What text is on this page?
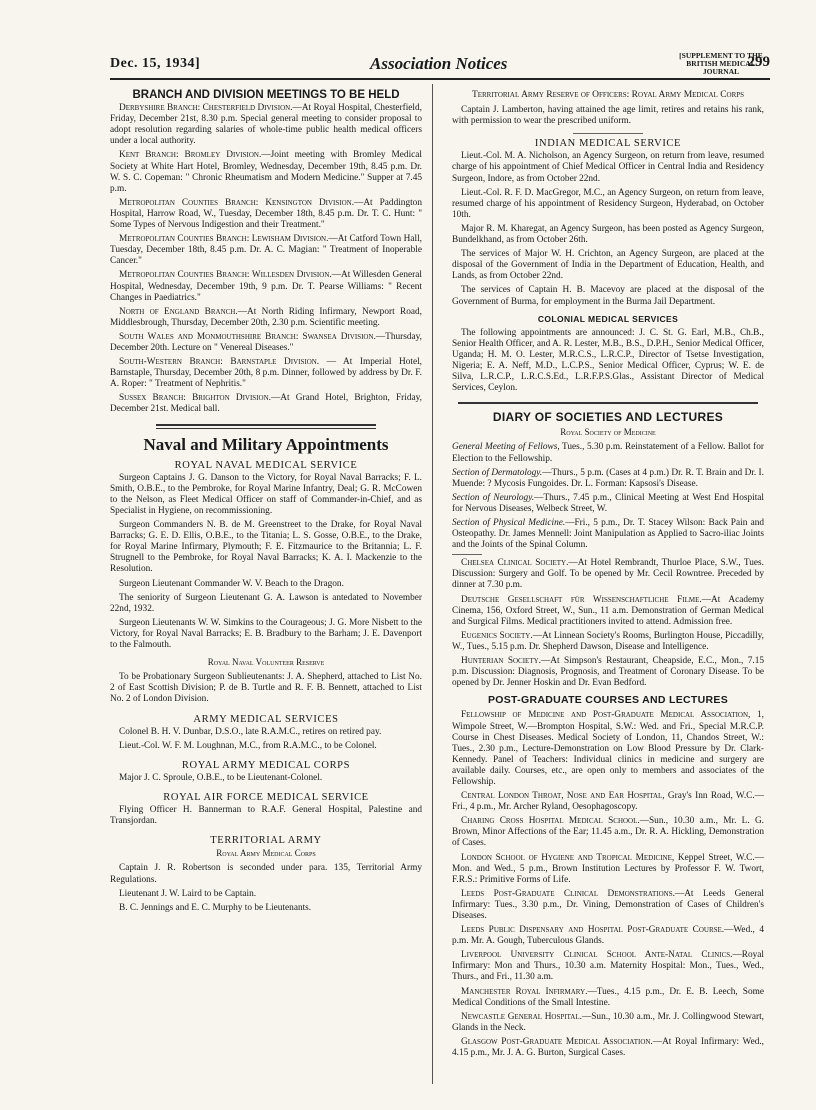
Dec. 15, 1934]	Association Notices	[SUPPLEMENT TO THE
BRITISH MEDICAL JOURNAL
299
BRANCH AND DIVISION MEETINGS TO BE HELD

Derbyshire Branch: Chesterfield Division.—At Royal Hospital, Chesterfield, Friday, December 21st, 8.30 p.m. Special general meeting to consider proposal to adopt resolution regarding salaries of whole-time public health medical officers under a local authority.

Kent Branch: Bromley Division.—Joint meeting with Bromley Medical Society at White Hart Hotel, Bromley, Wednesday, December 19th, 8.45 p.m. Dr. W. S. C. Copeman: " Chronic Rheumatism and Modern Medicine." Supper at 7.45 p.m.

Metropolitan Counties Branch: Kensington Division.—At Paddington Hospital, Harrow Road, W., Tuesday, December 18th, 8.45 p.m. Dr. T. C. Hunt: " Some Types of Nervous Indigestion and their Treatment."

Metropolitan Counties Branch: Lewisham Division.—At Catford Town Hall, Tuesday, December 18th, 8.45 p.m. Dr. A. C. Magian: " Treatment of Inoperable Cancer."

Metropolitan Counties Branch: Willesden Division.—At Willesden General Hospital, Wednesday, December 19th, 9 p.m. Dr. T. Pearse Williams: " Recent Changes in Paediatrics."

North of England Branch.—At North Riding Infirmary, Newport Road, Middlesbrough, Thursday, December 20th, 2.30 p.m. Scientific meeting.

South Wales and Monmouthshire Branch: Swansea Division.—Thursday, December 20th. Lecture on " Venereal Diseases."

South-Western Branch: Barnstaple Division. — At Imperial Hotel, Barnstaple, Thursday, December 20th, 8 p.m. Dinner, followed by address by Dr. F. A. Roper: " Treatment of Nephritis."

Sussex Branch: Brighton Division.—At Grand Hotel, Brighton, Friday, December 21st. Medical ball.

Naval and Military Appointments
ROYAL NAVAL MEDICAL SERVICE

Surgeon Captains J. G. Danson to the Victory, for Royal Naval Barracks; F. L. Smith, O.B.E., to the Pembroke, for Royal Marine Infantry, Deal; G. R. McCowen to the Nelson, as Fleet Medical Officer on staff of Commander-in-Chief, and as Specialist in Hygiene, on recommissioning.

Surgeon Commanders N. B. de M. Greenstreet to the Drake, for Royal Naval Barracks; G. E. D. Ellis, O.B.E., to the Titania; L. S. Gosse, O.B.E., to the Drake, for Royal Marine Infirmary, Plymouth; F. E. Fitzmaurice to the Britannia; L. F. Strugnell to the Pembroke, for Royal Naval Barracks; K. A. I. Mackenzie to the Resolution.

Surgeon Lieutenant Commander W. V. Beach to the Dragon.

The seniority of Surgeon Lieutenant G. A. Lawson is antedated to November 22nd, 1932.

Surgeon Lieutenants W. W. Simkins to the Courageous; J. G. More Nisbett to the Victory, for Royal Naval Barracks; E. B. Bradbury to the Barham; J. E. Davenport to the Falmouth.

Royal Naval Volunteer Reserve

To be Probationary Surgeon Sublieutenants: J. A. Shepherd, attached to List No. 2 of East Scottish Division; P. de B. Turtle and R. F. B. Bennett, attached to List No. 2 of London Division.

ARMY MEDICAL SERVICES

Colonel B. H. V. Dunbar, D.S.O., late R.A.M.C., retires on retired pay.

Lieut.-Col. W. F. M. Loughnan, M.C., from R.A.M.C., to be Colonel.

ROYAL ARMY MEDICAL CORPS

Major J. C. Sproule, O.B.E., to be Lieutenant-Colonel.

ROYAL AIR FORCE MEDICAL SERVICE

Flying Officer H. Bannerman to R.A.F. General Hospital, Palestine and Transjordan.

TERRITORIAL ARMY
Royal Army Medical Corps

Captain J. R. Robertson is seconded under para. 135, Territorial Army Regulations.

Lieutenant J. W. Laird to be Captain.

B. C. Jennings and E. C. Murphy to be Lieutenants.

Territorial Army Reserve of Officers: Royal Army Medical Corps

Captain J. Lamberton, having attained the age limit, retires and retains his rank, with permission to wear the prescribed uniform.

INDIAN MEDICAL SERVICE

Lieut.-Col. M. A. Nicholson, an Agency Surgeon, on return from leave, resumed charge of his appointment of Chief Medical Officer in Central India and Residency Surgeon, Indore, as from October 22nd.

Lieut.-Col. R. F. D. MacGregor, M.C., an Agency Surgeon, on return from leave, resumed charge of his appointment of Residency Surgeon, Hyderabad, on October 10th.

Major R. M. Kharegat, an Agency Surgeon, has been posted as Agency Surgeon, Bundelkhand, as from October 26th.

The services of Major W. H. Crichton, an Agency Surgeon, are placed at the disposal of the Government of India in the Department of Education, Health, and Lands, as from October 22nd.

The services of Captain H. B. Macevoy are placed at the disposal of the Government of Burma, for employment in the Burma Jail Department.

COLONIAL MEDICAL SERVICES

The following appointments are announced: J. C. St. G. Earl, M.B., Ch.B., Senior Health Officer, and A. R. Lester, M.B., B.S., D.P.H., Senior Medical Officer, Uganda; H. M. O. Lester, M.R.C.S., L.R.C.P., Director of Tsetse Investigation, Nigeria; E. A. Neff, M.D., L.C.P.S., Senior Medical Officer, Cyprus; W. E. de Silva, L.R.C.P., L.R.C.S.Ed., L.R.F.P.S.Glas., Assistant Director of Medical Services, Ceylon.

DIARY OF SOCIETIES AND LECTURES
Royal Society of Medicine

General Meeting of Fellows, Tues., 5.30 p.m. Reinstatement of a Fellow. Ballot for Election to the Fellowship.

Section of Dermatology.—Thurs., 5 p.m. (Cases at 4 p.m.) Dr. R. T. Brain and Dr. I. Muende: ? Mycosis Fungoides. Dr. L. Forman: Kapsosi's Disease.

Section of Neurology.—Thurs., 7.45 p.m., Clinical Meeting at West End Hospital for Nervous Diseases, Welbeck Street, W.

Section of Physical Medicine.—Fri., 5 p.m., Dr. T. Stacey Wilson: Back Pain and Osteopathy. Dr. James Mennell: Joint Manipulation as Applied to Sacro-iliac Joints and the Joints of the Spinal Column.

Chelsea Clinical Society.—At Hotel Rembrandt, Thurloe Place, S.W., Tues. Discussion: Surgery and Golf. To be opened by Mr. Cecil Rowntree. Preceded by dinner at 7.30 p.m.

Deutsche Gesellschaft für Wissenschaftliche Filme.—At Academy Cinema, 156, Oxford Street, W., Sun., 11 a.m. Demonstration of German Medical and Surgical Films. Medical practitioners invited to attend. Admission free.

Eugenics Society.—At Linnean Society's Rooms, Burlington House, Piccadilly, W., Tues., 5.15 p.m. Dr. Shepherd Dawson, Disease and Intelligence.

Hunterian Society.—At Simpson's Restaurant, Cheapside, E.C., Mon., 7.15 p.m. Discussion: Diagnosis, Prognosis, and Treatment of Coronary Disease. To be opened by Dr. Jenner Hoskin and Dr. Evan Bedford.

POST-GRADUATE COURSES AND LECTURES

Fellowship of Medicine and Post-Graduate Medical Association, 1, Wimpole Street, W.—Brompton Hospital, S.W.: Wed. and Fri., Special M.R.C.P. Course in Chest Diseases. Medical Society of London, 11, Chandos Street, W.: Tues., 2.30 p.m., Lecture-Demonstration on Low Blood Pressure by Dr. Clark-Kennedy. Panel of Teachers: Individual clinics in medicine and surgery are available daily. Courses, etc., are open only to members and associates of the Fellowship.

Central London Throat, Nose and Ear Hospital, Gray's Inn Road, W.C.—Fri., 4 p.m., Mr. Archer Ryland, Oesophagoscopy.

Charing Cross Hospital Medical School.—Sun., 10.30 a.m., Mr. L. G. Brown, Minor Affections of the Ear; 11.45 a.m., Dr. R. A. Hickling, Demonstration of Cases.

London School of Hygiene and Tropical Medicine, Keppel Street, W.C.—Mon. and Wed., 5 p.m., Brown Institution Lectures by Professor F. W. Twort, F.R.S.: Primitive Forms of Life.

Leeds Post-Graduate Clinical Demonstrations.—At Leeds General Infirmary: Tues., 3.30 p.m., Dr. Vining, Demonstration of Cases of Children's Diseases.

Leeds Public Dispensary and Hospital Post-Graduate Course.—Wed., 4 p.m. Mr. A. Gough, Tuberculous Glands.

Liverpool University Clinical School Ante-Natal Clinics.—Royal Infirmary: Mon and Thurs., 10.30 a.m. Maternity Hospital: Mon., Tues., Wed., Thurs., and Fri., 11.30 a.m.

Manchester Royal Infirmary.—Tues., 4.15 p.m., Dr. E. B. Leech, Some Medical Conditions of the Small Intestine.

Newcastle General Hospital.—Sun., 10.30 a.m., Mr. J. Collingwood Stewart, Glands in the Neck.

Glasgow Post-Graduate Medical Association.—At Royal Infirmary: Wed., 4.15 p.m., Mr. J. A. G. Burton, Surgical Cases.
